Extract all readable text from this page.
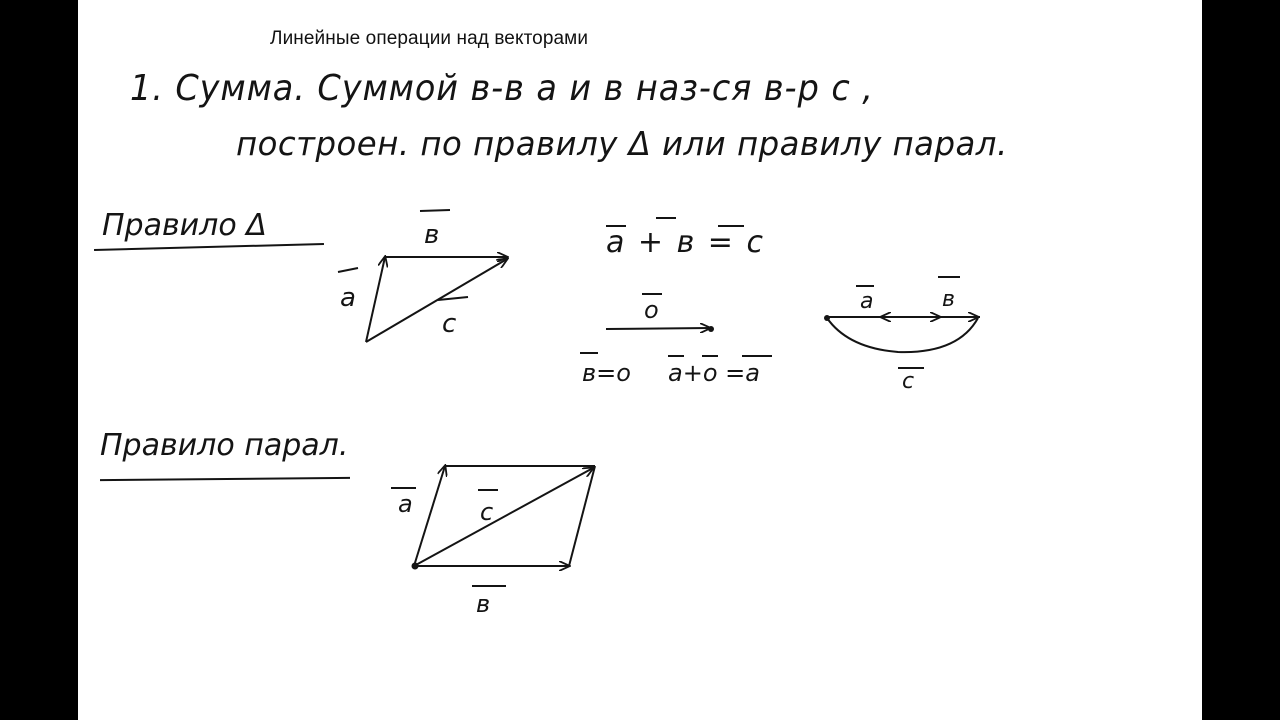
Линейные операции над векторами
1. Сумма. Суммой в-в a и в наз-ся в-р c ,
построен. по правилу Δ или правилу парал.
Правило Δ
Правило парал.
a
в
c
a + в = c
o
в=o a+o =a
a	в
c
a	c
в
